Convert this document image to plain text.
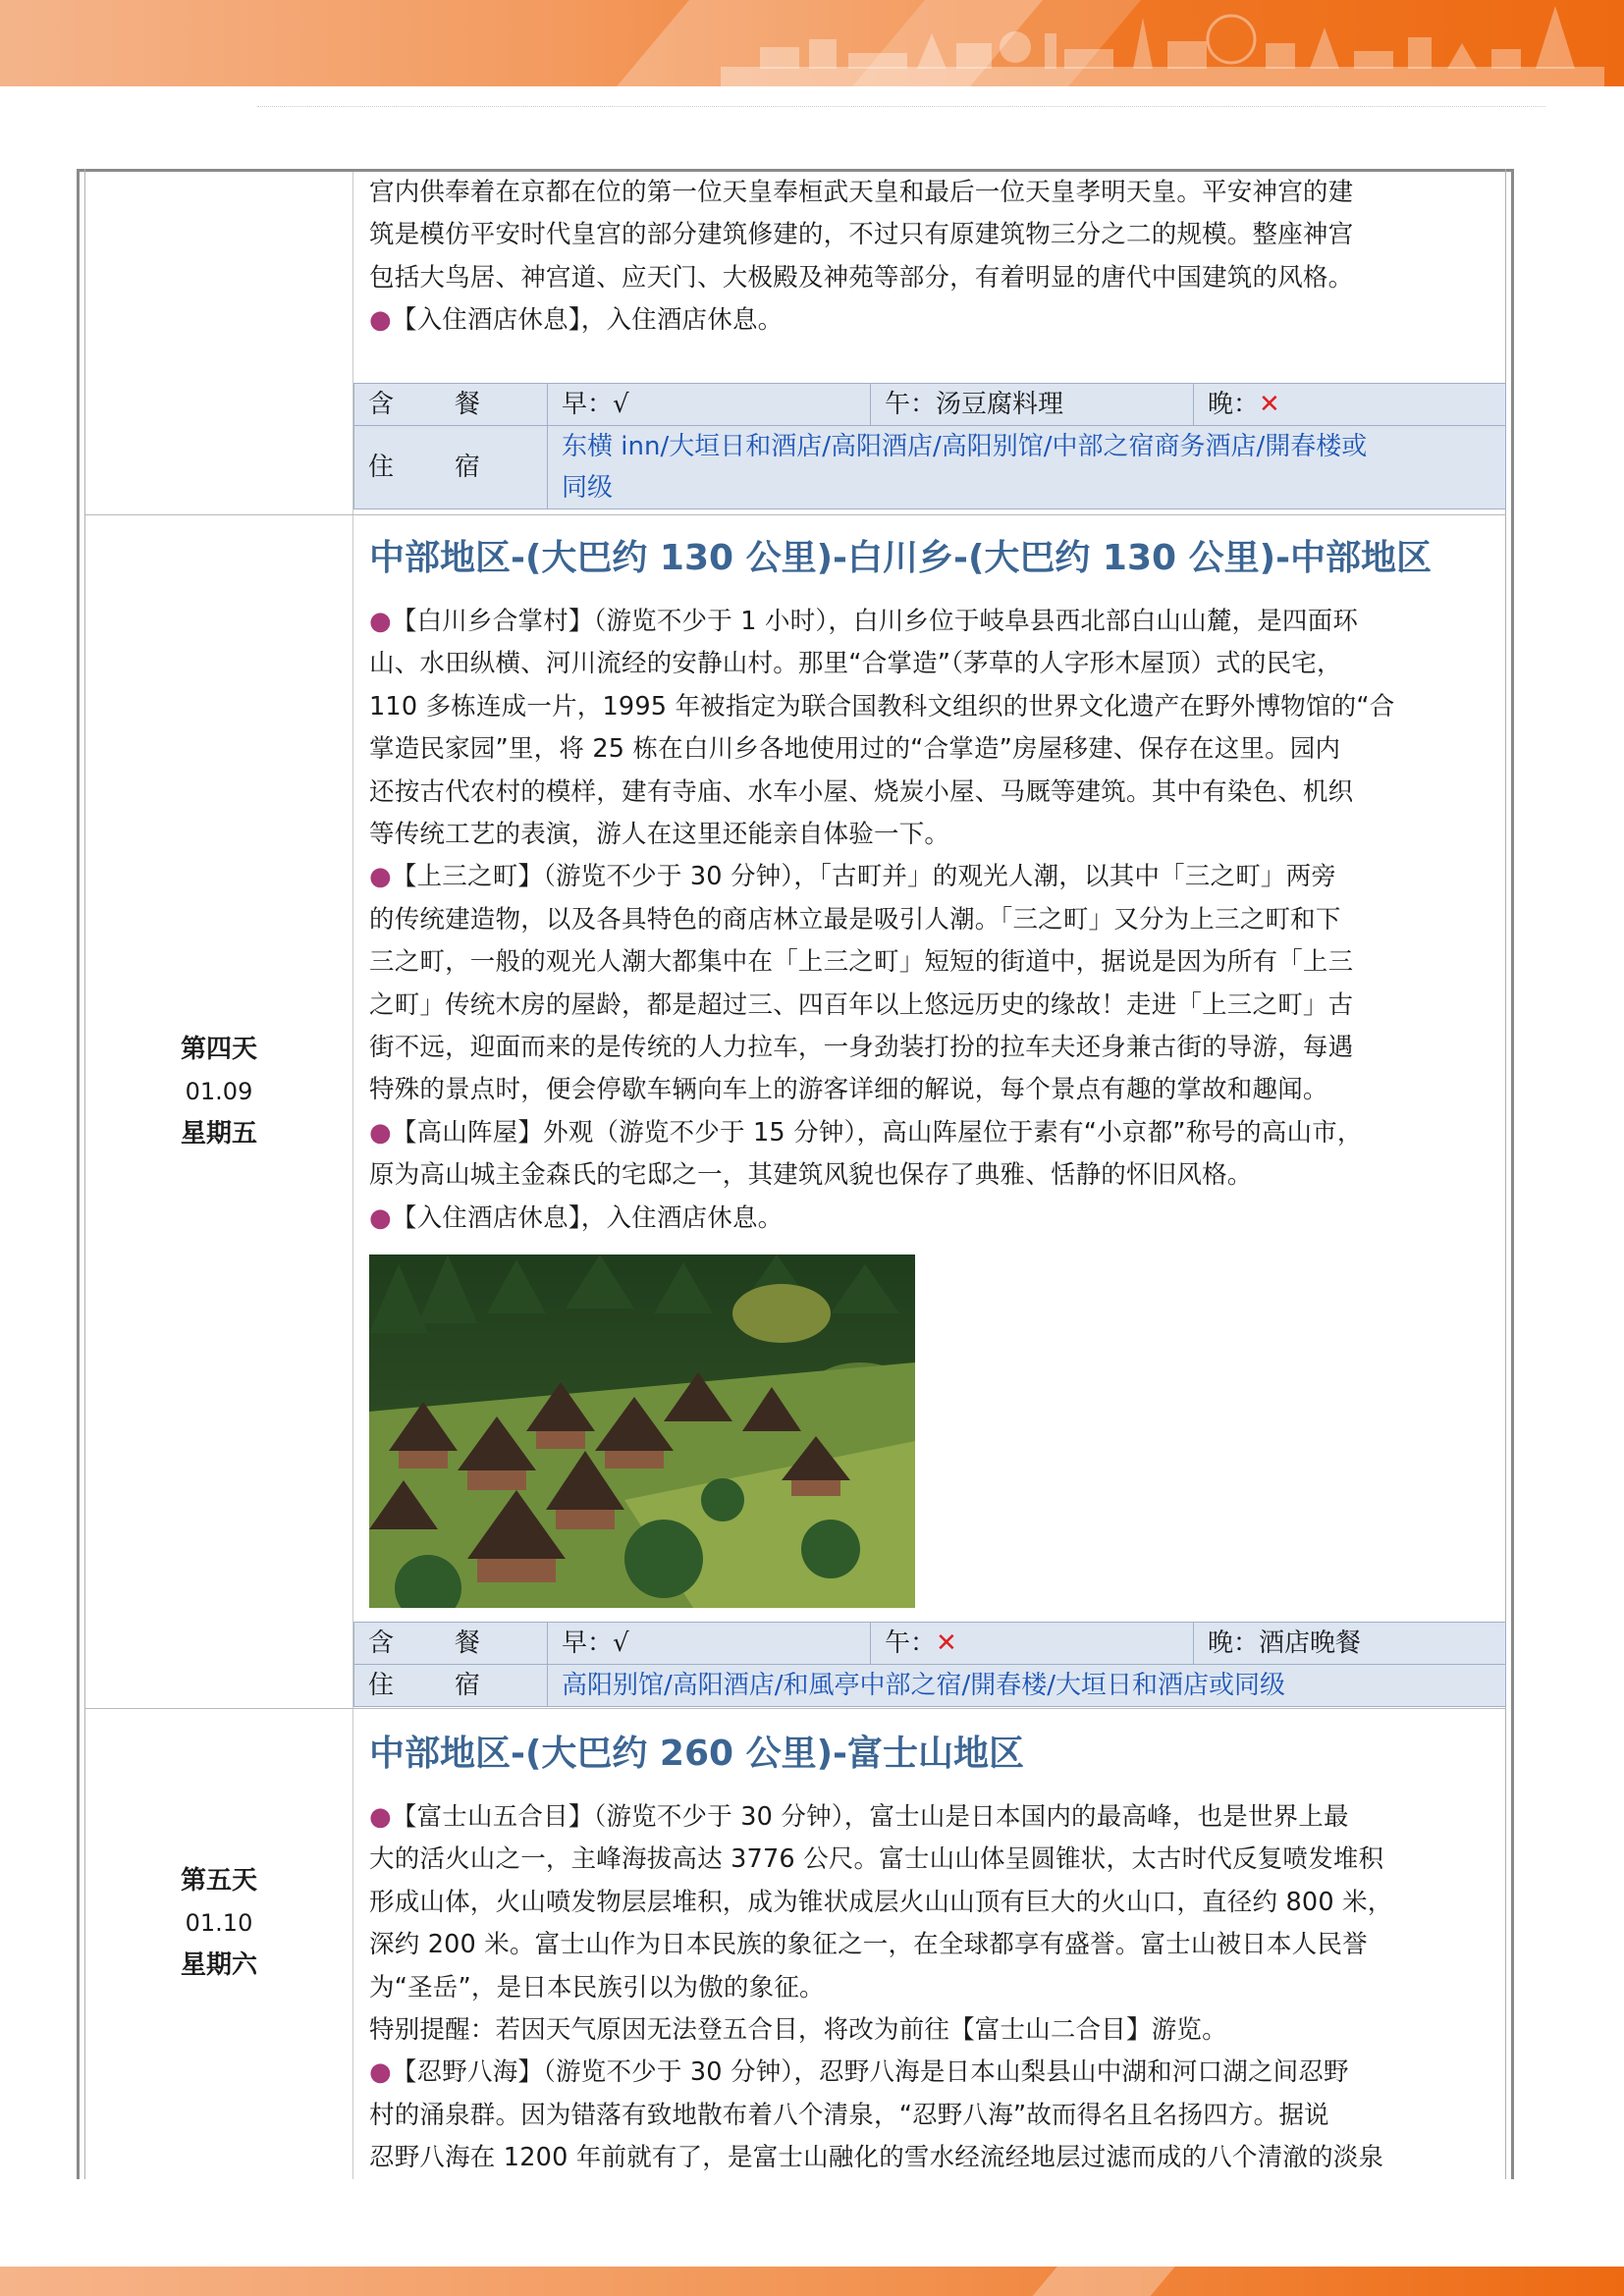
宫内供奉着在京都在位的第一位天皇奉桓武天皇和最后一位天皇孝明天皇。平安神宫的建

筑是模仿平安时代皇宫的部分建筑修建的，不过只有原建筑物三分之二的规模。整座神宫

包括大鸟居、神宫道、应天门、大极殿及神苑等部分，有着明显的唐代中国建筑的风格。

●【入住酒店休息】，入住酒店休息。

含　餐	早：√	午：汤豆腐料理	晚：✕
住　宿	东横 inn/大垣日和酒店/高阳酒店/高阳别馆/中部之宿商务酒店/開春楼或
同级		
第四天
01.09
星期五
中部地区-(大巴约 130 公里)-白川乡-(大巴约 130 公里)-中部地区

●【白川乡合掌村】（游览不少于 1 小时），白川乡位于岐阜县西北部白山山麓，是四面环

山、水田纵横、河川流经的安静山村。那里“合掌造”（茅草的人字形木屋顶）式的民宅，

110 多栋连成一片，1995 年被指定为联合国教科文组织的世界文化遗产在野外博物馆的“合

掌造民家园”里，将 25 栋在白川乡各地使用过的“合掌造”房屋移建、保存在这里。园内

还按古代农村的模样，建有寺庙、水车小屋、烧炭小屋、马厩等建筑。其中有染色、机织

等传统工艺的表演，游人在这里还能亲自体验一下。

●【上三之町】（游览不少于 30 分钟），「古町并」的观光人潮，以其中「三之町」两旁

的传统建造物，以及各具特色的商店林立最是吸引人潮。「三之町」又分为上三之町和下

三之町，一般的观光人潮大都集中在「上三之町」短短的街道中，据说是因为所有「上三

之町」传统木房的屋龄，都是超过三、四百年以上悠远历史的缘故！走进「上三之町」古

街不远，迎面而来的是传统的人力拉车，一身劲装打扮的拉车夫还身兼古街的导游，每遇

特殊的景点时，便会停歇车辆向车上的游客详细的解说，每个景点有趣的掌故和趣闻。

●【高山阵屋】外观（游览不少于 15 分钟），高山阵屋位于素有“小京都”称号的高山市，

原为高山城主金森氏的宅邸之一，其建筑风貌也保存了典雅、恬静的怀旧风格。

●【入住酒店休息】，入住酒店休息。

含　餐	早：√	午：✕	晚：酒店晚餐
住　宿	高阳别馆/高阳酒店/和風亭中部之宿/開春楼/大垣日和酒店或同级		
第五天
01.10
星期六
中部地区-(大巴约 260 公里)-富士山地区

●【富士山五合目】（游览不少于 30 分钟），富士山是日本国内的最高峰，也是世界上最

大的活火山之一，主峰海拔高达 3776 公尺。富士山山体呈圆锥状，太古时代反复喷发堆积

形成山体，火山喷发物层层堆积，成为锥状成层火山山顶有巨大的火山口，直径约 800 米，

深约 200 米。富士山作为日本民族的象征之一，在全球都享有盛誉。富士山被日本人民誉

为“圣岳”，是日本民族引以为傲的象征。

特别提醒：若因天气原因无法登五合目，将改为前往【富士山二合目】游览。

●【忍野八海】（游览不少于 30 分钟），忍野八海是日本山梨县山中湖和河口湖之间忍野

村的涌泉群。因为错落有致地散布着八个清泉，“忍野八海”故而得名且名扬四方。据说

忍野八海在 1200 年前就有了，是富士山融化的雪水经流经地层过滤而成的八个清澈的淡泉
